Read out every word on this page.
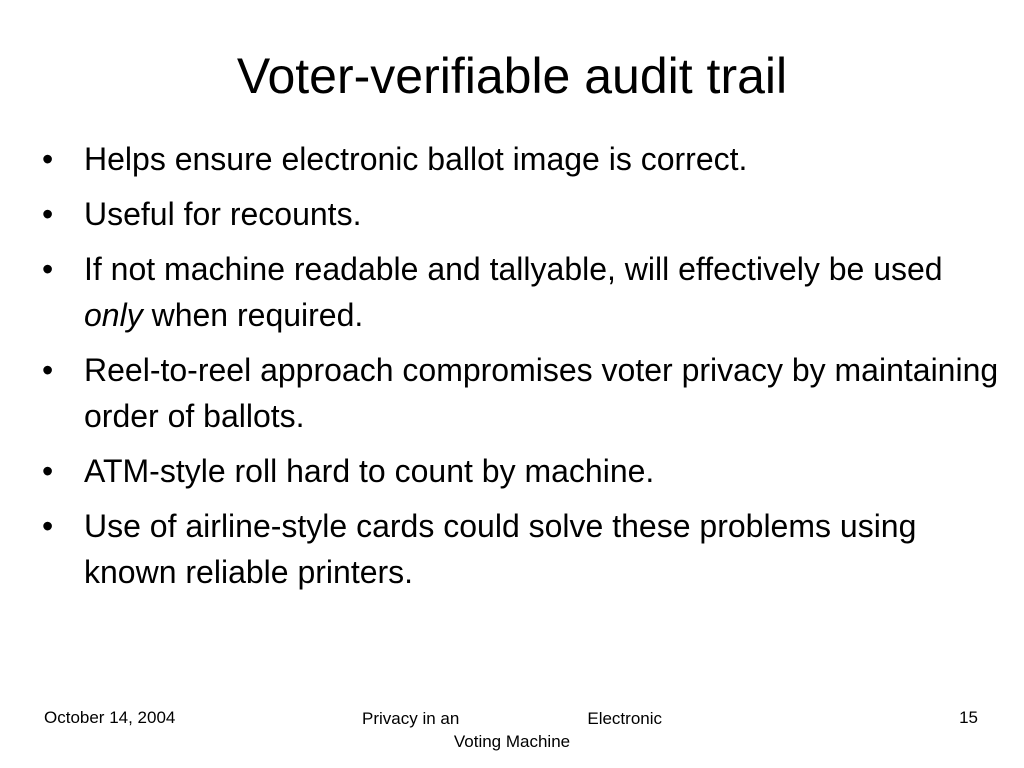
Voter-verifiable audit trail
• Helps ensure electronic ballot image is correct.
• Useful for recounts.
• If not machine readable and tallyable, will effectively be used only when required.
• Reel-to-reel approach compromises voter privacy by maintaining order of ballots.
• ATM-style roll hard to count by machine.
• Use of airline-style cards could solve these problems using known reliable printers.
October 14, 2004	Privacy in an	Electronic
Voting Machine
15
